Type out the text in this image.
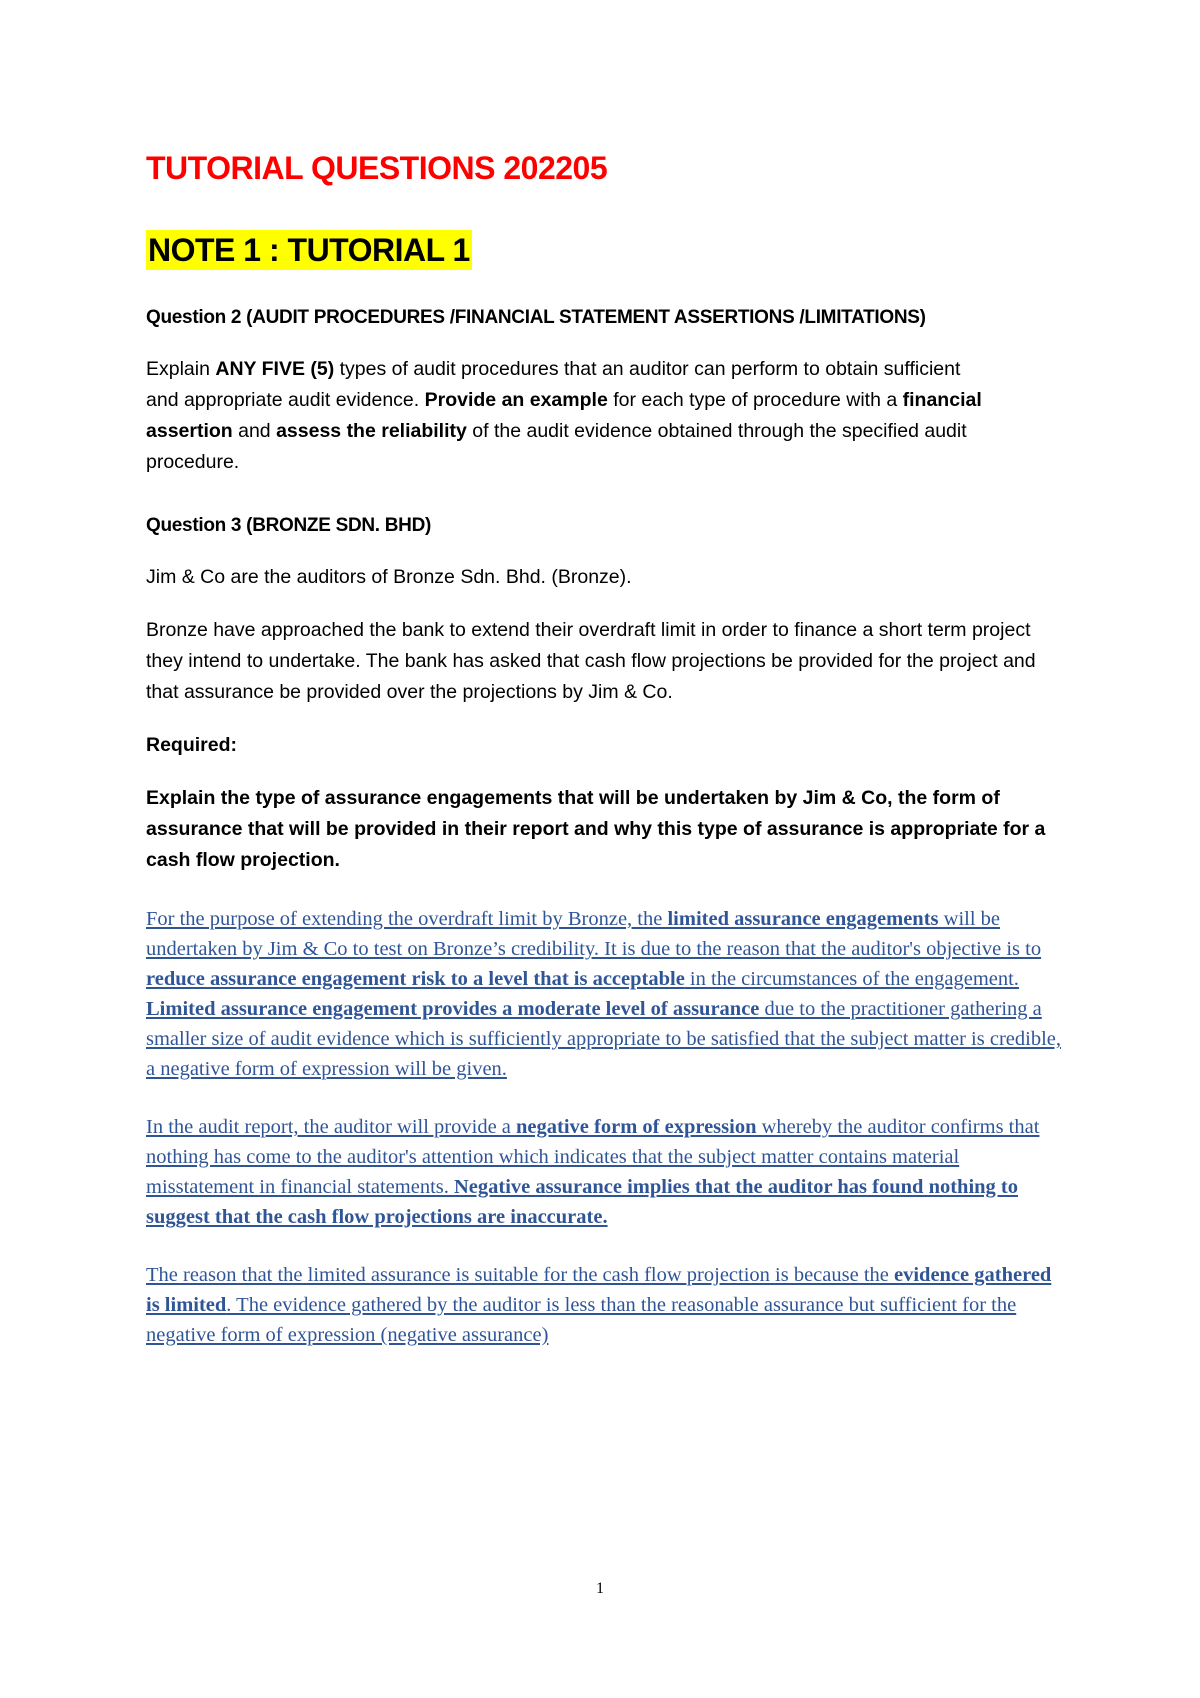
TUTORIAL QUESTIONS 202205
NOTE 1 : TUTORIAL 1
Question 2 (AUDIT PROCEDURES /FINANCIAL STATEMENT ASSERTIONS /LIMITATIONS)
Explain ANY FIVE (5) types of audit procedures that an auditor can perform to obtain sufficient
and appropriate audit evidence. Provide an example for each type of procedure with a financial assertion and assess the reliability of the audit evidence obtained through the specified audit procedure.
Question 3 (BRONZE SDN. BHD)
Jim & Co are the auditors of Bronze Sdn. Bhd. (Bronze).
Bronze have approached the bank to extend their overdraft limit in order to finance a short term project they intend to undertake. The bank has asked that cash flow projections be provided for the project and that assurance be provided over the projections by Jim & Co.
Required:
Explain the type of assurance engagements that will be undertaken by Jim & Co, the form of assurance that will be provided in their report and why this type of assurance is appropriate for a cash flow projection.
For the purpose of extending the overdraft limit by Bronze, the limited assurance engagements will be undertaken by Jim & Co to test on Bronze’s credibility. It is due to the reason that the auditor's objective is to reduce assurance engagement risk to a level that is acceptable in the circumstances of the engagement. Limited assurance engagement provides a moderate level of assurance due to the practitioner gathering a smaller size of audit evidence which is sufficiently appropriate to be satisfied that the subject matter is credible, a negative form of expression will be given.
In the audit report, the auditor will provide a negative form of expression whereby the auditor confirms that nothing has come to the auditor's attention which indicates that the subject matter contains material misstatement in financial statements. Negative assurance implies that the auditor has found nothing to suggest that the cash flow projections are inaccurate.
The reason that the limited assurance is suitable for the cash flow projection is because the evidence gathered is limited. The evidence gathered by the auditor is less than the reasonable assurance but sufficient for the negative form of expression (negative assurance)
1
